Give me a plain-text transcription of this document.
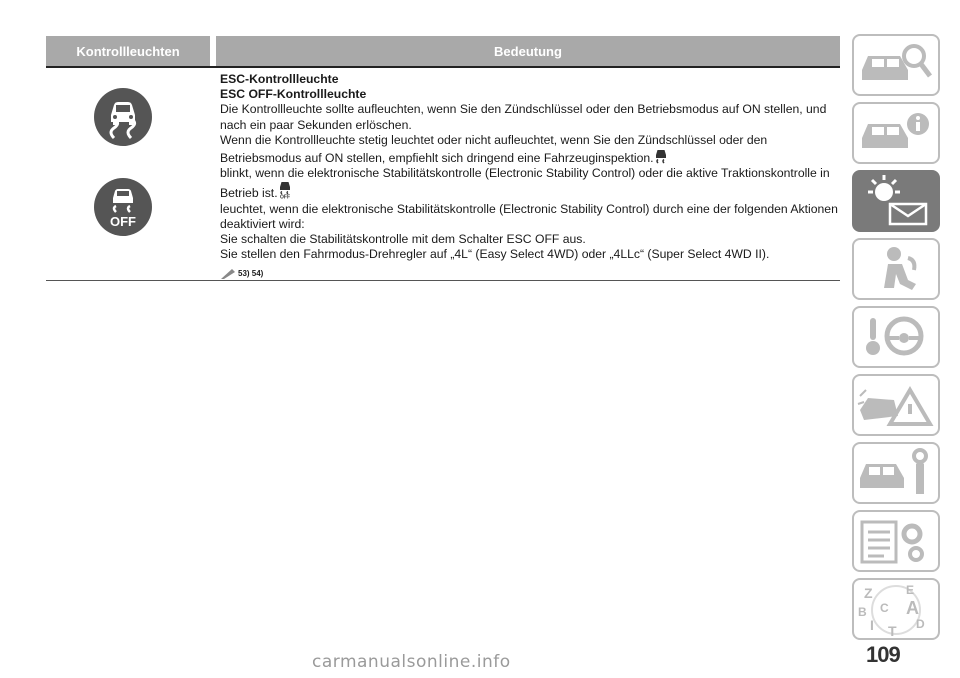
Kontrollleuchten	Bedeutung
OFF
ESC-Kontrollleuchte
ESC OFF-Kontrollleuchte
Die Kontrollleuchte sollte aufleuchten, wenn Sie den Zündschlüssel oder den Betriebsmodus auf ON stellen, und nach ein paar Sekunden erlöschen.
Wenn die Kontrollleuchte stetig leuchtet oder nicht aufleuchtet, wenn Sie den Zündschlüssel oder den Betriebsmodus auf ON stellen, empfiehlt sich dringend eine Fahrzeuginspektion.
blinkt, wenn die elektronische Stabilitätskontrolle (Electronic Stability Control) oder die aktive Traktionskontrolle in Betrieb ist. OFF
leuchtet, wenn die elektronische Stabilitätskontrolle (Electronic Stability Control) durch eine der folgenden Aktionen deaktiviert wird:
Sie schalten die Stabilitätskontrolle mit dem Schalter ESC OFF aus.
Sie stellen den Fahrmodus-Drehregler auf „4L“ (Easy Select 4WD) oder „4LLc“ (Super Select 4WD II).
53) 54)
Z	E
B C A
D
I T
109
carmanualsonline.info
